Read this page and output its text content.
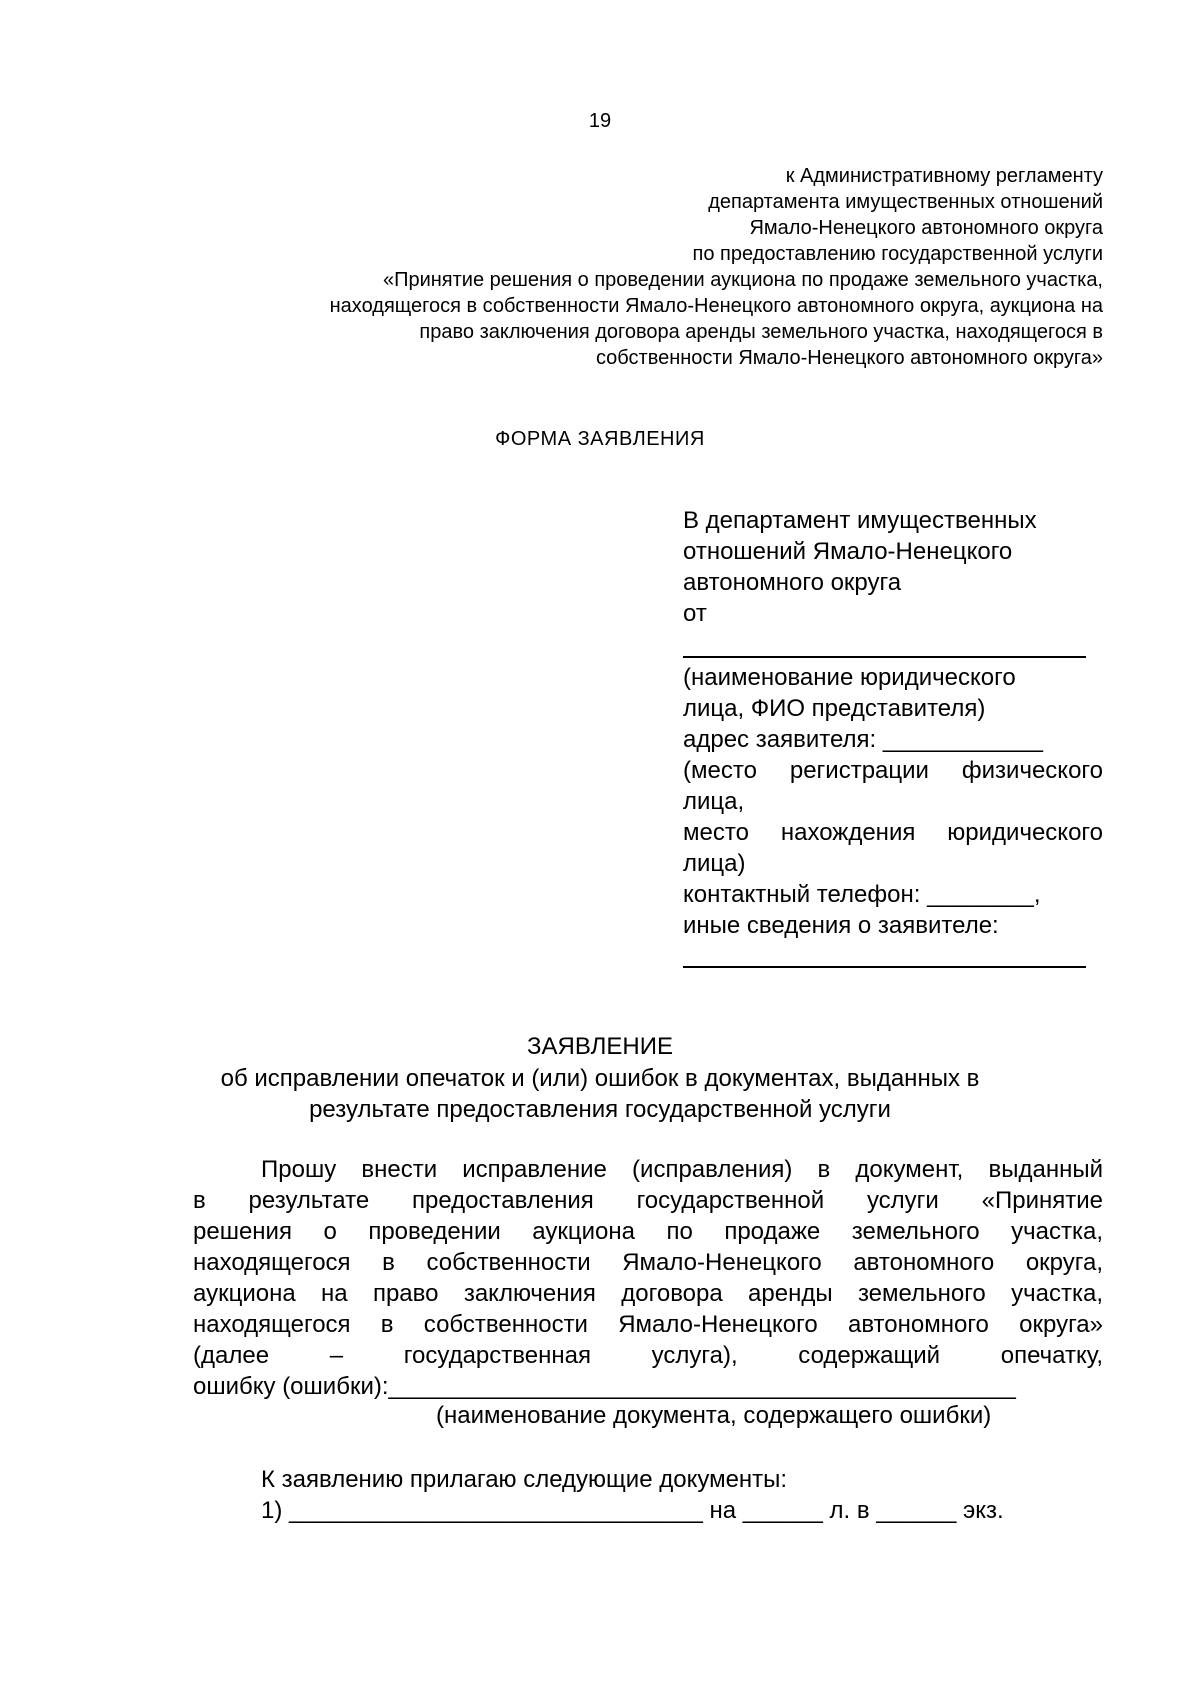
19
к Административному регламенту
департамента имущественных отношений
Ямало-Ненецкого автономного округа
по предоставлению государственной услуги
«Принятие решения о проведении аукциона по продаже земельного участка,
находящегося в собственности Ямало-Ненецкого автономного округа, аукциона на
право заключения договора аренды земельного участка, находящегося в
собственности Ямало-Ненецкого автономного округа»
ФОРМА ЗАЯВЛЕНИЯ
В департамент имущественных
отношений Ямало-Ненецкого
автономного округа
от
(наименование юридического
лица, ФИО представителя)
адрес заявителя: ____________
(место регистрации физического
лица,
место нахождения юридического
лица)
контактный телефон: ________,
иные сведения о заявителе:
ЗАЯВЛЕНИЕ
об исправлении опечаток и (или) ошибок в документах, выданных в
результате предоставления государственной услуги
Прошу внести исправление (исправления) в документ, выданный
в результате предоставления государственной услуги «Принятие
решения о проведении аукциона по продаже земельного участка,
находящегося в собственности Ямало-Ненецкого автономного округа,
аукциона на право заключения договора аренды земельного участка,
находящегося в собственности Ямало-Ненецкого автономного округа»
(далее – государственная услуга), содержащий опечатку,
ошибку (ошибки):_______________________________________________
(наименование документа, содержащего ошибки)
К заявлению прилагаю следующие документы:
1) _______________________________ на ______ л. в ______ экз.
